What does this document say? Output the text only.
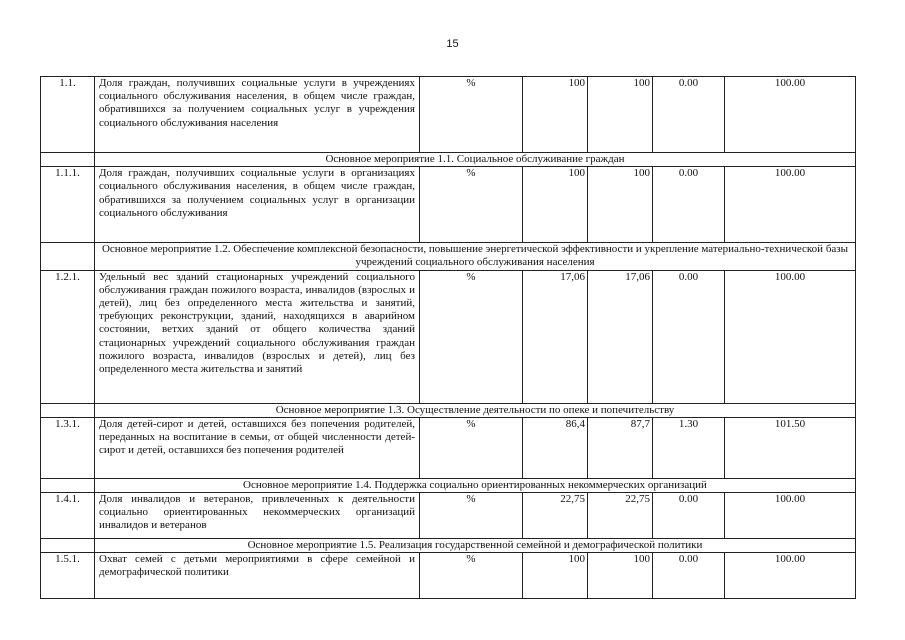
15
1.1.	Доля граждан, получивших социальные услуги в учреждениях социального обслуживания населения, в общем числе граждан, обратившихся за получением социальных услуг в учреждения социального обслуживания населения	%	100	100	0.00	100.00
	Основное мероприятие 1.1. Социальное обслуживание граждан					
1.1.1.	Доля граждан, получивших социальные услуги в организациях социального обслуживания населения, в общем числе граждан, обратившихся за получением социальных услуг в организации социального обслуживания	%	100	100	0.00	100.00
	Основное мероприятие 1.2. Обеспечение комплексной безопасности, повышение энергетической эффективности и укрепление материально-технической базы учреждений социального обслуживания населения					
1.2.1.	Удельный вес зданий стационарных учреждений социального обслуживания граждан пожилого возраста, инвалидов (взрослых и детей), лиц без определенного места жительства и занятий, требующих реконструкции, зданий, находящихся в аварийном состоянии, ветхих зданий от общего количества зданий стационарных учреждений социального обслуживания граждан пожилого возраста, инвалидов (взрослых и детей), лиц без определенного места жительства и занятий	%	17,06	17,06	0.00	100.00
	Основное мероприятие 1.3. Осуществление деятельности по опеке и попечительству					
1.3.1.	Доля детей-сирот и детей, оставшихся без попечения родителей, переданных на воспитание в семьи, от общей численности детей-сирот и детей, оставшихся без попечения родителей	%	86,4	87,7	1.30	101.50
	Основное мероприятие 1.4. Поддержка социально ориентированных некоммерческих организаций					
1.4.1.	Доля инвалидов и ветеранов, привлеченных к деятельности социально ориентированных некоммерческих организаций инвалидов и ветеранов	%	22,75	22,75	0.00	100.00
	Основное мероприятие 1.5. Реализация государственной семейной и демографической политики					
1.5.1.	Охват семей с детьми мероприятиями в сфере семейной и демографической политики	%	100	100	0.00	100.00
